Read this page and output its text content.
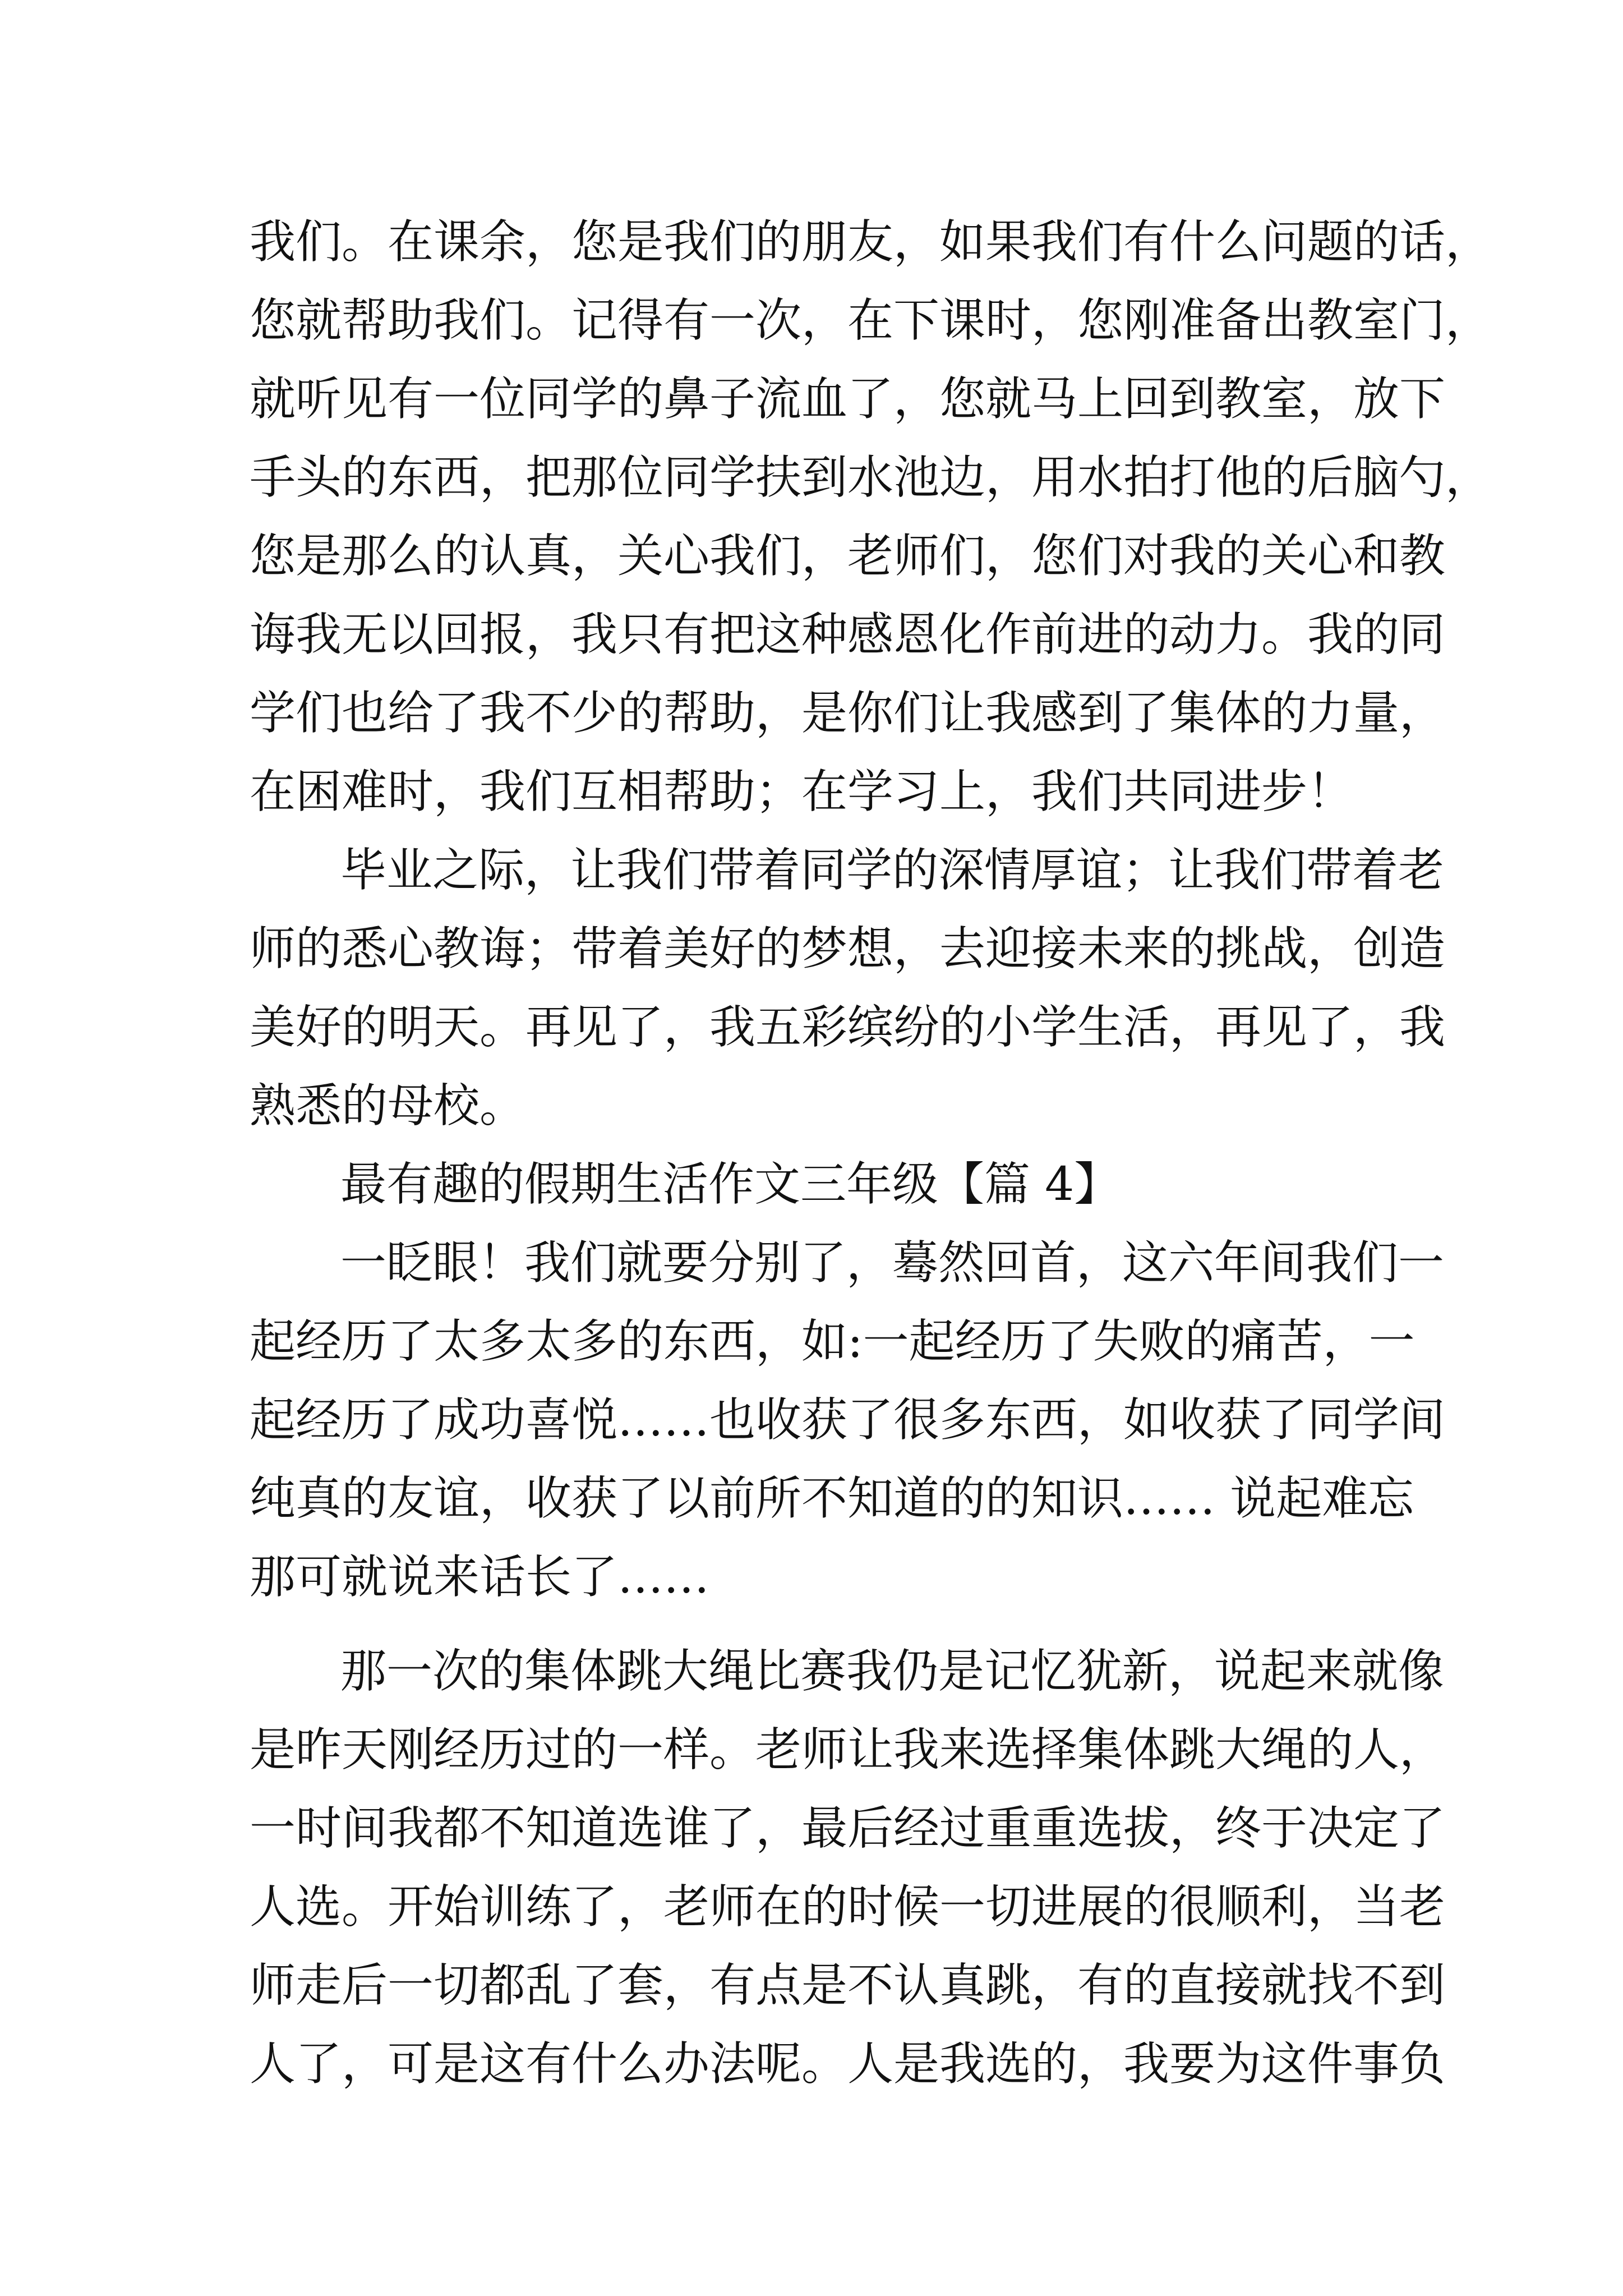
我们。在课余，您是我们的朋友，如果我们有什么问题的话，
您就帮助我们。记得有一次，在下课时，您刚准备出教室门，
就听见有一位同学的鼻子流血了，您就马上回到教室，放下
手头的东西，把那位同学扶到水池边，用水拍打他的后脑勺，
您是那么的认真，关心我们，老师们，您们对我的关心和教
诲我无以回报，我只有把这种感恩化作前进的动力。我的同
学们也给了我不少的帮助，是你们让我感到了集体的力量，
在困难时，我们互相帮助；在学习上，我们共同进步！
毕业之际，让我们带着同学的深情厚谊；让我们带着老
师的悉心教诲；带着美好的梦想，去迎接未来的挑战，创造
美好的明天。再见了，我五彩缤纷的小学生活，再见了，我
熟悉的母校。
最有趣的假期生活作文三年级【篇 4】
一眨眼！我们就要分别了，蓦然回首，这六年间我们一
起经历了太多太多的东西，如:一起经历了失败的痛苦，一
起经历了成功喜悦……也收获了很多东西，如收获了同学间
纯真的友谊，收获了以前所不知道的的知识…… 说起难忘
那可就说来话长了……
那一次的集体跳大绳比赛我仍是记忆犹新，说起来就像
是昨天刚经历过的一样。老师让我来选择集体跳大绳的人，
一时间我都不知道选谁了，最后经过重重选拔，终于决定了
人选。开始训练了，老师在的时候一切进展的很顺利，当老
师走后一切都乱了套，有点是不认真跳，有的直接就找不到
人了，可是这有什么办法呢。人是我选的，我要为这件事负
